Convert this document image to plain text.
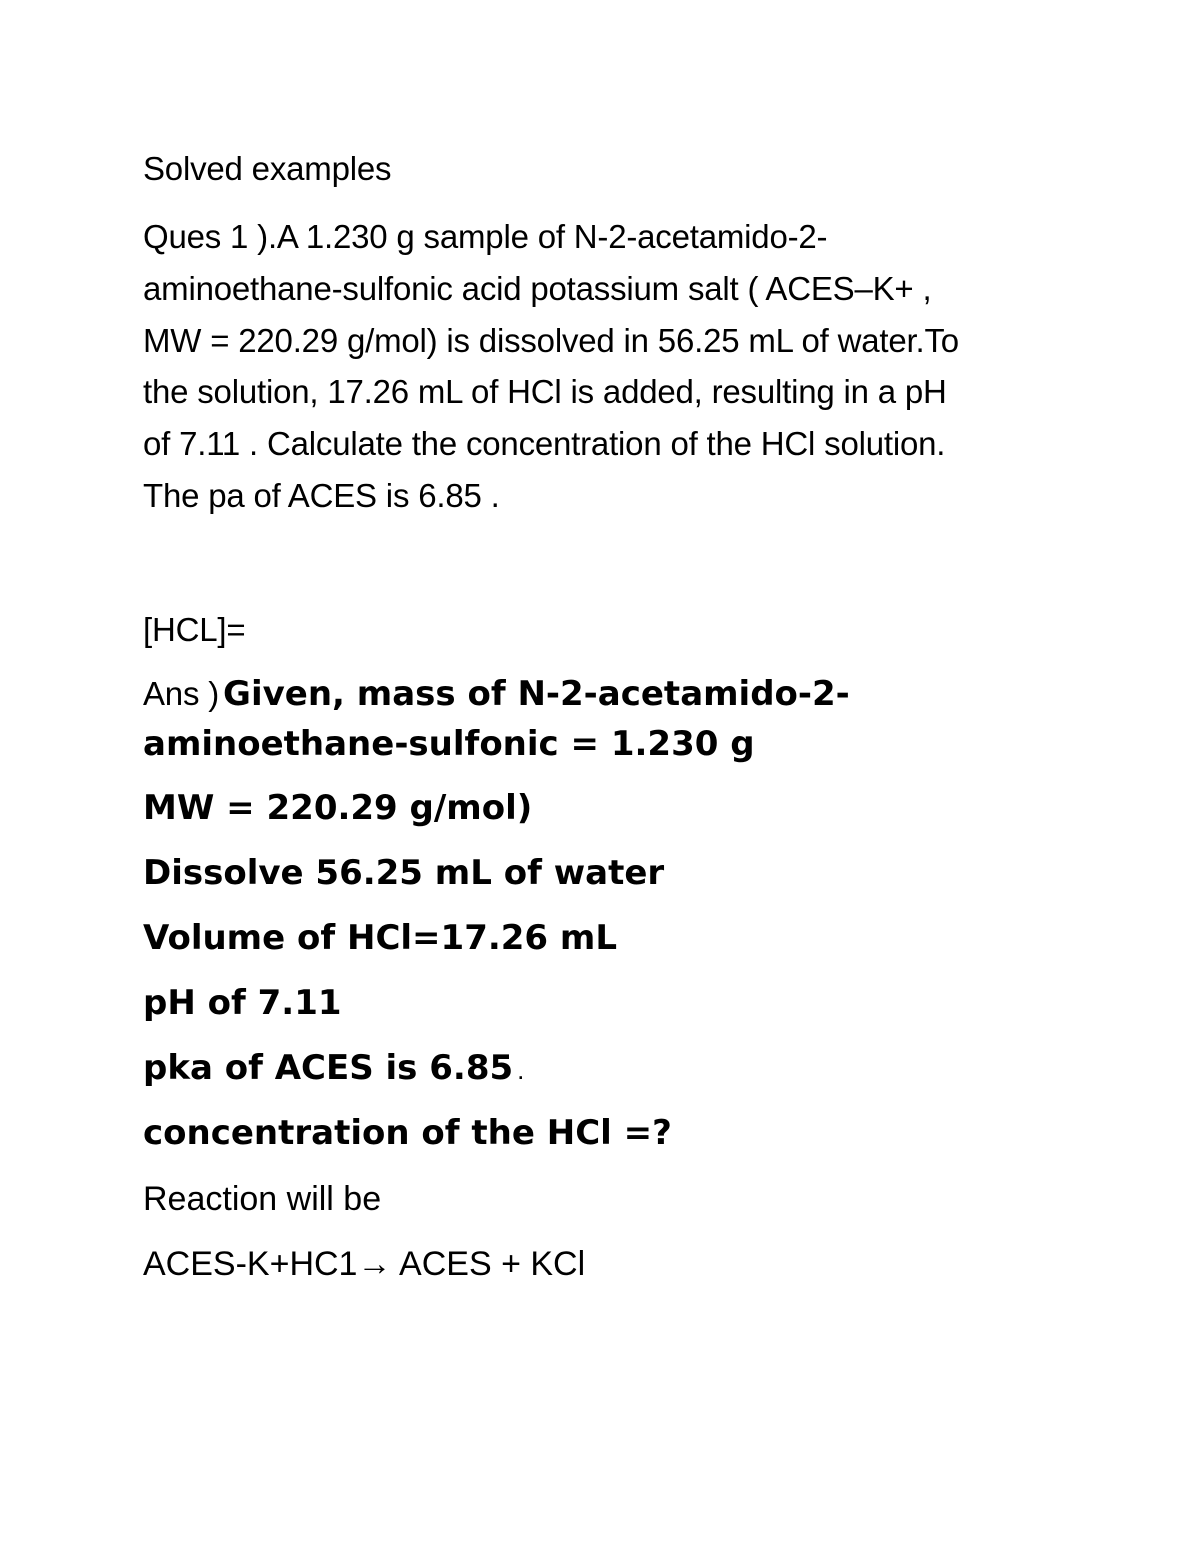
Solved examples

Ques 1 ).A 1.230 g sample of N-2-acetamido-2-

aminoethane-sulfonic acid potassium salt ( ACES–K+ ,

MW = 220.29 g/mol) is dissolved in 56.25 mL of water.To

the solution, 17.26 mL of HCl is added, resulting in a pH

of 7.11 . Calculate the concentration of the HCl solution.

The pa of ACES is 6.85 .

[HCL]=

Ans ) Given, mass of N-2-acetamido-2-

aminoethane-sulfonic = 1.230 g

MW = 220.29 g/mol)

Dissolve 56.25 mL of water

Volume of HCl=17.26 mL

pH of 7.11

pka of ACES is 6.85 .

concentration of the HCl =?

Reaction will be

ACES-K+HC1→ ACES + KCl
